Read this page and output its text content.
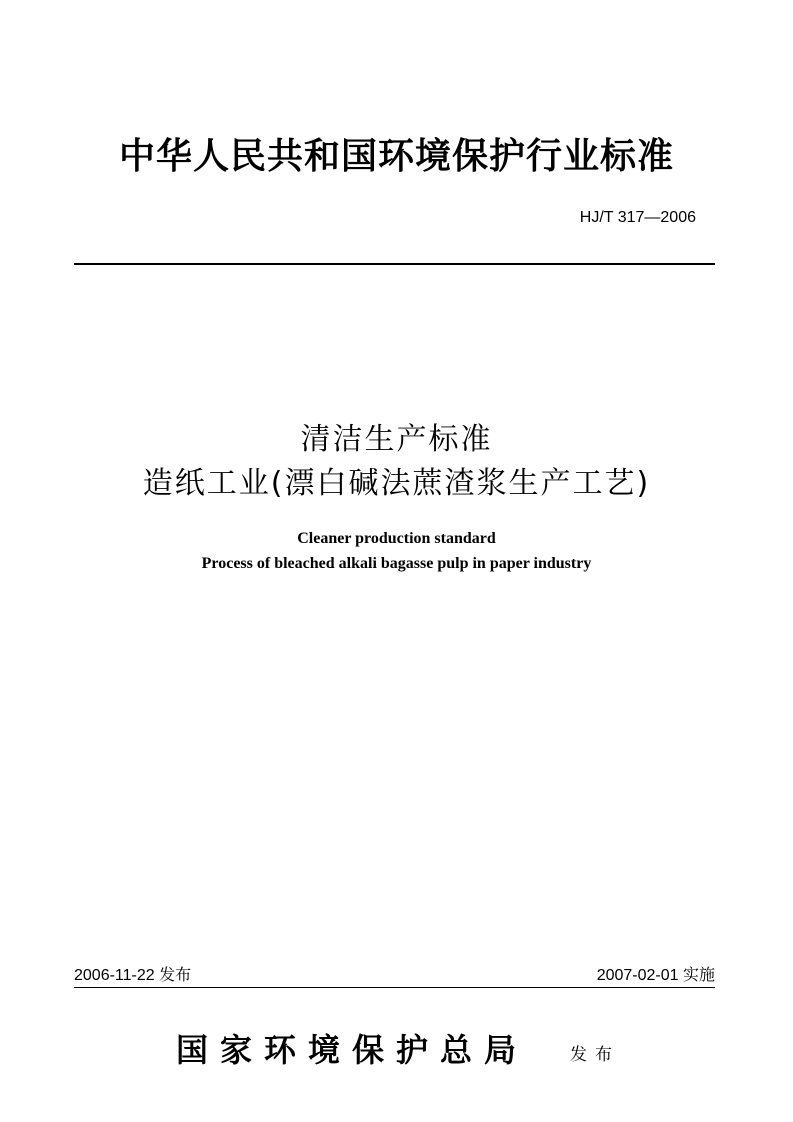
中华人民共和国环境保护行业标准
HJ/T 317—2006
清洁生产标准
造纸工业(漂白碱法蔗渣浆生产工艺)
Cleaner production standard
Process of bleached alkali bagasse pulp in paper industry
2006-11-22 发布	2007-02-01 实施
国家环境保护总局 发布
